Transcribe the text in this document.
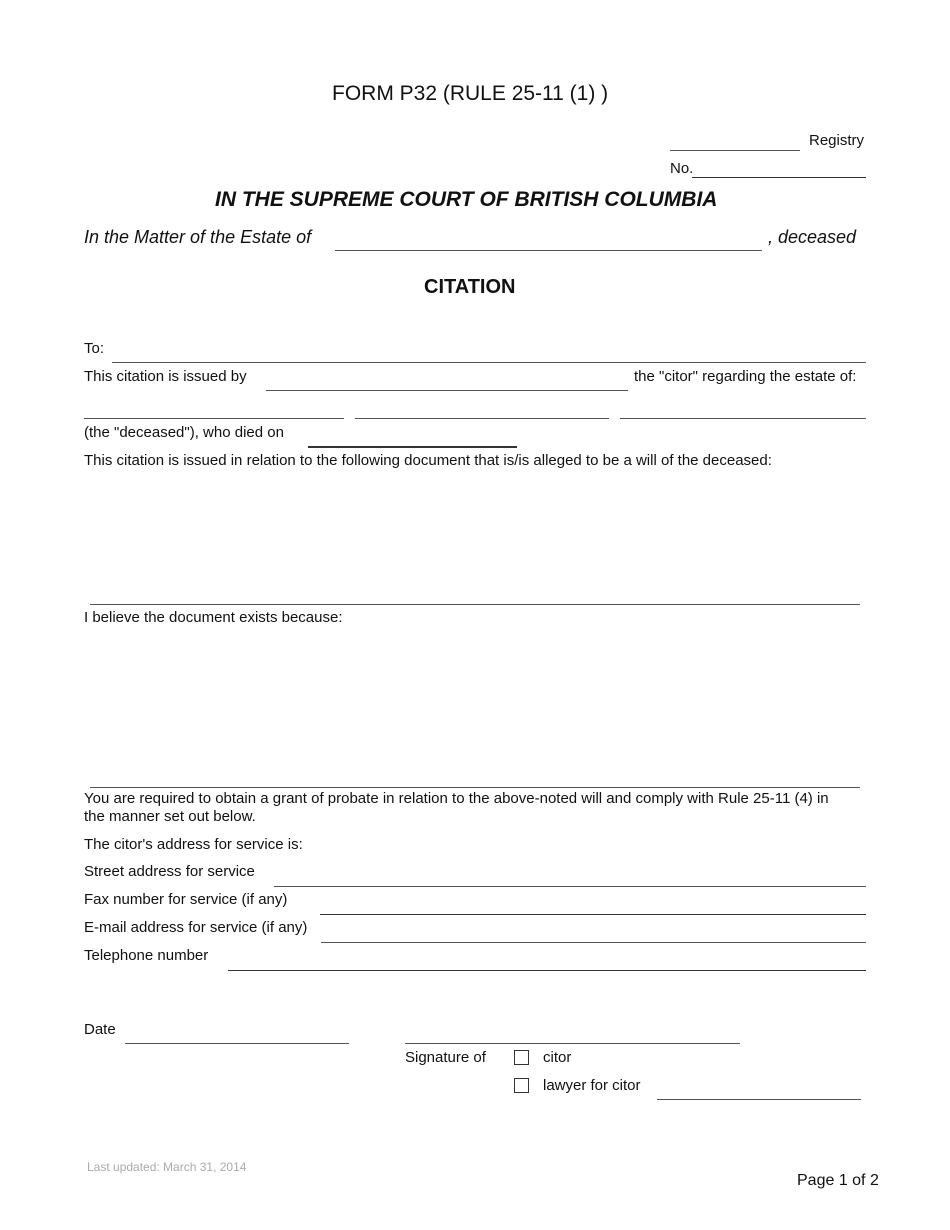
FORM P32 (RULE 25-11 (1) )
Registry
No.
IN THE SUPREME COURT OF BRITISH COLUMBIA
In the Matter of the Estate of	, deceased
CITATION
To:
This citation is issued by	the "citor" regarding the estate of:
(the "deceased"), who died on
This citation is issued in relation to the following document that is/is alleged to be a will of the deceased:
I believe the document exists because:
You are required to obtain a grant of probate in relation to the above-noted will and comply with Rule 25-11 (4) in
the manner set out below.
The citor's address for service is:
Street address for service
Fax number for service (if any)
E-mail address for service (if any)
Telephone number
Date
Signature of	citor
lawyer for citor
Last updated: March 31, 2014
Page 1 of 2
